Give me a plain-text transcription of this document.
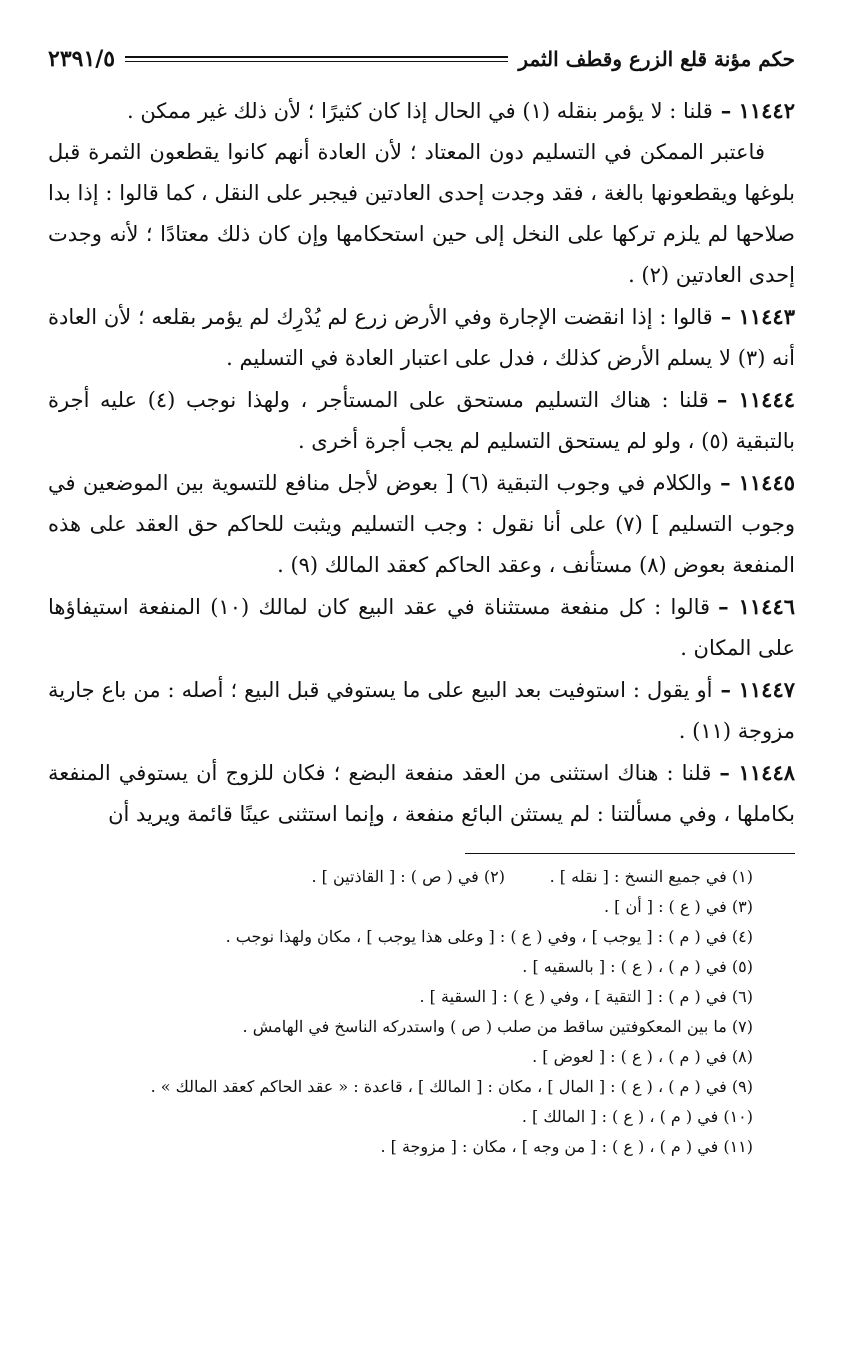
حكم مؤنة قلع الزرع وقطف الثمر
٢٣٩١/٥

١١٤٤٢ –قلنا : لا يؤمر بنقله (١) في الحال إذا كان كثيرًا ؛ لأن ذلك غير ممكن .

فاعتبر الممكن في التسليم دون المعتاد ؛ لأن العادة أنهم كانوا يقطعون الثمرة قبل بلوغها ويقطعونها بالغة ، فقد وجدت إحدى العادتين فيجبر على النقل ، كما قالوا : إذا بدا صلاحها لم يلزم تركها على النخل إلى حين استحكامها وإن كان ذلك معتادًا ؛ لأنه وجدت إحدى العادتين (٢) .

١١٤٤٣ –قالوا : إذا انقضت الإجارة وفي الأرض زرع لم يُدْرِك لم يؤمر بقلعه ؛ لأن العادة أنه (٣) لا يسلم الأرض كذلك ، فدل على اعتبار العادة في التسليم .

١١٤٤٤ –قلنا : هناك التسليم مستحق على المستأجر ، ولهذا نوجب (٤) عليه أجرة بالتبقية (٥) ، ولو لم يستحق التسليم لم يجب أجرة أخرى .

١١٤٤٥ –والكلام في وجوب التبقية (٦) [ بعوض لأجل منافع للتسوية بين الموضعين في وجوب التسليم ] (٧) على أنا نقول : وجب التسليم ويثبت للحاكم حق العقد على هذه المنفعة بعوض (٨) مستأنف ، وعقد الحاكم كعقد المالك (٩) .

١١٤٤٦ –قالوا : كل منفعة مستثناة في عقد البيع كان لمالك (١٠) المنفعة استيفاؤها على المكان .

١١٤٤٧ –أو يقول : استوفيت بعد البيع على ما يستوفي قبل البيع ؛ أصله : من باع جارية مزوجة (١١) .

١١٤٤٨ –قلنا : هناك استثنى من العقد منفعة البضع ؛ فكان للزوج أن يستوفي المنفعة بكاملها ، وفي مسألتنا : لم يستثن البائع منفعة ، وإنما استثنى عينًا قائمة ويريد أن

(١) في جميع النسخ : [ نقله ] .
(٢) في ( ص ) : [ القاذتين ] .
(٣) في ( ع ) : [ أن ] .
(٤) في ( م ) : [ يوجب ] ، وفي ( ع ) : [ وعلى هذا يوجب ] ، مكان ولهذا نوجب .
(٥) في ( م ) ، ( ع ) : [ بالسقيه ] .
(٦) في ( م ) : [ التقية ] ، وفي ( ع ) : [ السقية ] .
(٧) ما بين المعكوفتين ساقط من صلب ( ص ) واستدركه الناسخ في الهامش .
(٨) في ( م ) ، ( ع ) : [ لعوض ] .
(٩) في ( م ) ، ( ع ) : [ المال ] ، مكان : [ المالك ] ، قاعدة : « عقد الحاكم كعقد المالك » .
(١٠) في ( م ) ، ( ع ) : [ المالك ] .
(١١) في ( م ) ، ( ع ) : [ من وجه ] ، مكان : [ مزوجة ] .
